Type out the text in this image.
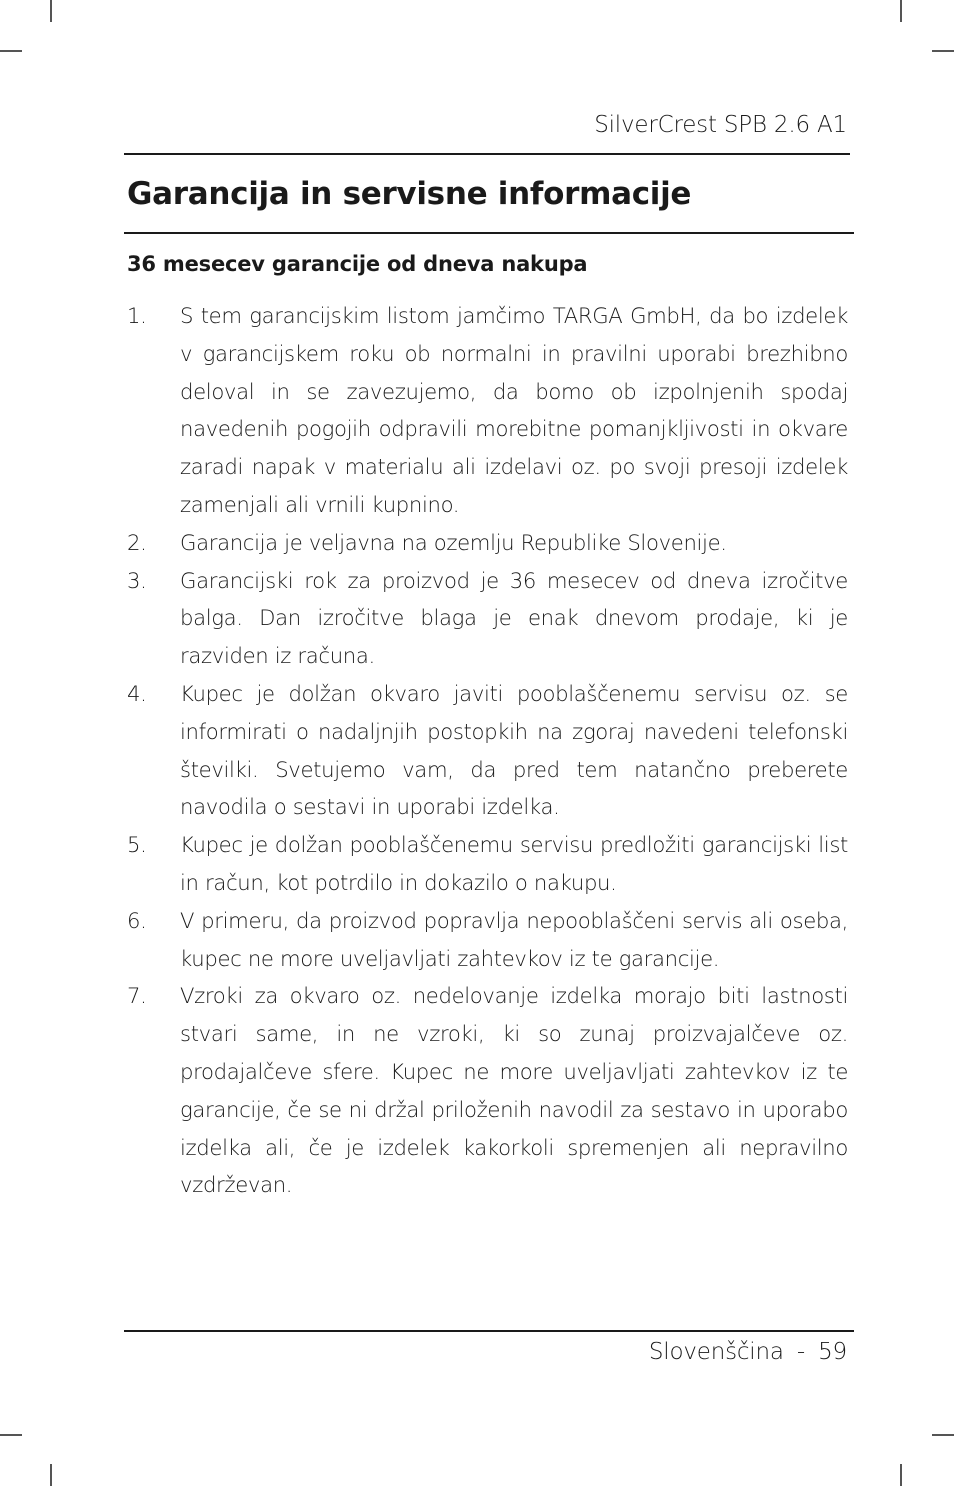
SilverCrest SPB 2.6 A1
Garancija in servisne informacije
36 mesecev garancije od dneva nakupa
1. S tem garancijskim listom jamčimo TARGA GmbH, da bo izdelek v garancijskem roku ob normalni in pravilni uporabi brezhibno deloval in se zavezujemo, da bomo ob izpolnjenih spodaj navedenih pogojih odpravili morebitne pomanjkljivosti in okvare zaradi napak v materialu ali izdelavi oz. po svoji presoji izdelek zamenjali ali vrnili kupnino.
2. Garancija je veljavna na ozemlju Republike Slovenije.
3. Garancijski rok za proizvod je 36 mesecev od dneva izročitve balga. Dan izročitve blaga je enak dnevom prodaje, ki je razviden iz računa.
4. Kupec je dolžan okvaro javiti pooblaščenemu servisu oz. se informirati o nadaljnjih postopkih na zgoraj navedeni telefonski številki. Svetujemo vam, da pred tem natančno preberete navodila o sestavi in uporabi izdelka.
5. Kupec je dolžan pooblaščenemu servisu predložiti garancijski list in račun, kot potrdilo in dokazilo o nakupu.
6. V primeru, da proizvod popravlja nepooblaščeni servis ali oseba, kupec ne more uveljavljati zahtevkov iz te garancije.
7. Vzroki za okvaro oz. nedelovanje izdelka morajo biti lastnosti stvari same, in ne vzroki, ki so zunaj proizvajalčeve oz. prodajalčeve sfere. Kupec ne more uveljavljati zahtevkov iz te garancije, če se ni držal priloženih navodil za sestavo in uporabo izdelka ali, če je izdelek kakorkoli spremenjen ali nepravilno vzdrževan.
Slovenščina - 59
